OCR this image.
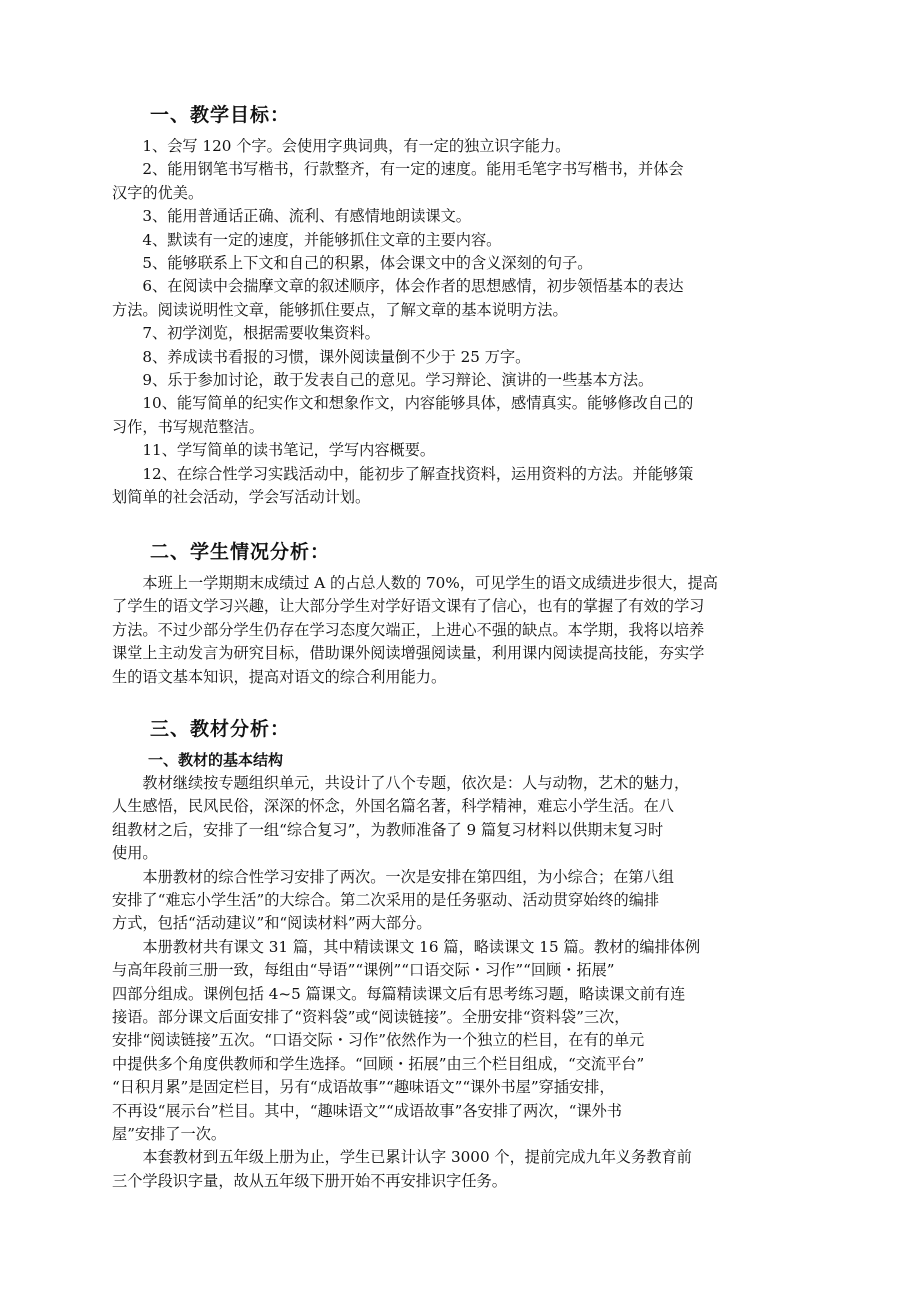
一、教学目标：
　　1、会写 120 个字。会使用字典词典，有一定的独立识字能力。
　　2、能用钢笔书写楷书，行款整齐，有一定的速度。能用毛笔字书写楷书，并体会
汉字的优美。
　　3、能用普通话正确、流利、有感情地朗读课文。
　　4、默读有一定的速度，并能够抓住文章的主要内容。
　　5、能够联系上下文和自己的积累，体会课文中的含义深刻的句子。
　　6、在阅读中会揣摩文章的叙述顺序，体会作者的思想感情，初步领悟基本的表达
方法。阅读说明性文章，能够抓住要点，了解文章的基本说明方法。
　　7、初学浏览，根据需要收集资料。
　　8、养成读书看报的习惯，课外阅读量倒不少于 25 万字。
　　9、乐于参加讨论，敢于发表自己的意见。学习辩论、演讲的一些基本方法。
　　10、能写简单的纪实作文和想象作文，内容能够具体，感情真实。能够修改自己的
习作，书写规范整洁。
　　11、学写简单的读书笔记，学写内容概要。
　　12、在综合性学习实践活动中，能初步了解查找资料，运用资料的方法。并能够策
划简单的社会活动，学会写活动计划。
二、学生情况分析：
　　本班上一学期期末成绩过 A 的占总人数的 70%，可见学生的语文成绩进步很大，提高
了学生的语文学习兴趣，让大部分学生对学好语文课有了信心，也有的掌握了有效的学习
方法。不过少部分学生仍存在学习态度欠端正，上进心不强的缺点。本学期，我将以培养
课堂上主动发言为研究目标，借助课外阅读增强阅读量，利用课内阅读提高技能，夯实学
生的语文基本知识，提高对语文的综合利用能力。
三、教材分析：
一、教材的基本结构
　　教材继续按专题组织单元，共设计了八个专题，依次是：人与动物，艺术的魅力，
人生感悟，民风民俗，深深的怀念，外国名篇名著，科学精神，难忘小学生活。在八
组教材之后，安排了一组“综合复习”，为教师准备了 9 篇复习材料以供期末复习时
使用。
　　本册教材的综合性学习安排了两次。一次是安排在第四组，为小综合；在第八组
安排了“难忘小学生活”的大综合。第二次采用的是任务驱动、活动贯穿始终的编排
方式，包括“活动建议”和“阅读材料”两大部分。
　　本册教材共有课文 31 篇，其中精读课文 16 篇，略读课文 15 篇。教材的编排体例
与高年段前三册一致，每组由“导语”“课例”“口语交际・习作”“回顾・拓展”
四部分组成。课例包括 4~5 篇课文。每篇精读课文后有思考练习题，略读课文前有连
接语。部分课文后面安排了“资料袋”或“阅读链接”。全册安排“资料袋”三次，
安排“阅读链接”五次。“口语交际・习作”依然作为一个独立的栏目，在有的单元
中提供多个角度供教师和学生选择。“回顾・拓展”由三个栏目组成，“交流平台”
“日积月累”是固定栏目，另有“成语故事”“趣味语文”“课外书屋”穿插安排，
不再设“展示台”栏目。其中，“趣味语文”“成语故事”各安排了两次，“课外书
屋”安排了一次。
　　本套教材到五年级上册为止，学生已累计认字 3000 个，提前完成九年义务教育前
三个学段识字量，故从五年级下册开始不再安排识字任务。
